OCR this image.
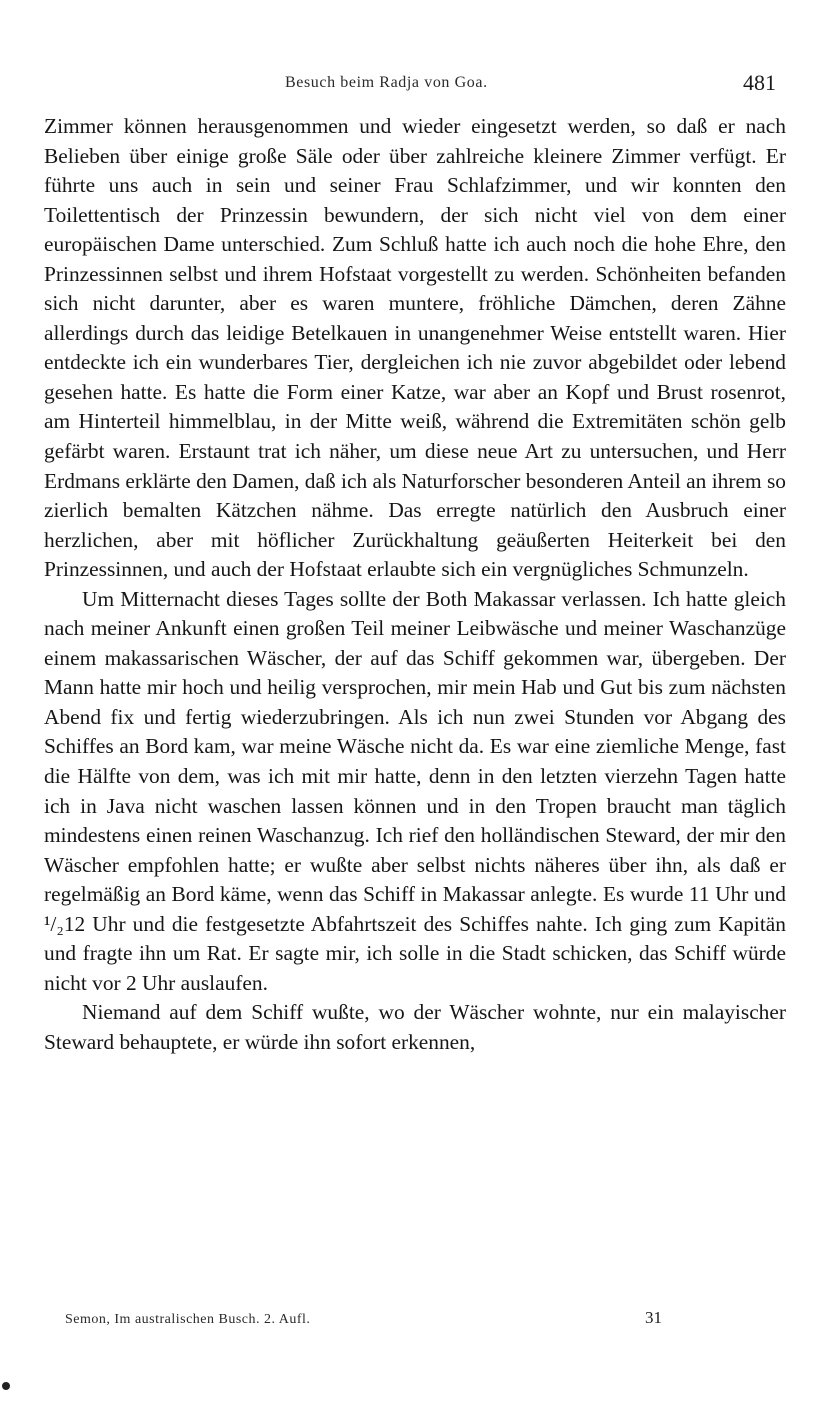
Besuch beim Radja von Goa.	481

Zimmer können herausgenommen und wieder eingesetzt werden, so daß er nach Belieben über einige große Säle oder über zahlreiche kleinere Zimmer verfügt. Er führte uns auch in sein und seiner Frau Schlafzimmer, und wir konnten den Toilettentisch der Prinzessin bewundern, der sich nicht viel von dem einer europäischen Dame unterschied. Zum Schluß hatte ich auch noch die hohe Ehre, den Prinzessinnen selbst und ihrem Hofstaat vorgestellt zu werden. Schönheiten befanden sich nicht darunter, aber es waren muntere, fröhliche Dämchen, deren Zähne allerdings durch das leidige Betelkauen in unangenehmer Weise entstellt waren. Hier entdeckte ich ein wunderbares Tier, dergleichen ich nie zuvor abgebildet oder lebend gesehen hatte. Es hatte die Form einer Katze, war aber an Kopf und Brust rosenrot, am Hinterteil himmelblau, in der Mitte weiß, während die Extremitäten schön gelb gefärbt waren. Erstaunt trat ich näher, um diese neue Art zu untersuchen, und Herr Erdmans erklärte den Damen, daß ich als Naturforscher besonderen Anteil an ihrem so zierlich bemalten Kätzchen nähme. Das erregte natürlich den Ausbruch einer herzlichen, aber mit höflicher Zurückhaltung geäußerten Heiterkeit bei den Prinzessinnen, und auch der Hofstaat erlaubte sich ein vergnügliches Schmunzeln.

Um Mitternacht dieses Tages sollte der Both Makassar verlassen. Ich hatte gleich nach meiner Ankunft einen großen Teil meiner Leibwäsche und meiner Waschanzüge einem makassarischen Wäscher, der auf das Schiff gekommen war, übergeben. Der Mann hatte mir hoch und heilig versprochen, mir mein Hab und Gut bis zum nächsten Abend fix und fertig wiederzubringen. Als ich nun zwei Stunden vor Abgang des Schiffes an Bord kam, war meine Wäsche nicht da. Es war eine ziemliche Menge, fast die Hälfte von dem, was ich mit mir hatte, denn in den letzten vierzehn Tagen hatte ich in Java nicht waschen lassen können und in den Tropen braucht man täglich mindestens einen reinen Waschanzug. Ich rief den holländischen Steward, der mir den Wäscher empfohlen hatte; er wußte aber selbst nichts näheres über ihn, als daß er regelmäßig an Bord käme, wenn das Schiff in Makassar anlegte. Es wurde 11 Uhr und ¹/₂12 Uhr und die festgesetzte Abfahrtszeit des Schiffes nahte. Ich ging zum Kapitän und fragte ihn um Rat. Er sagte mir, ich solle in die Stadt schicken, das Schiff würde nicht vor 2 Uhr auslaufen.

Niemand auf dem Schiff wußte, wo der Wäscher wohnte, nur ein malayischer Steward behauptete, er würde ihn sofort erkennen,

Semon, Im australischen Busch. 2. Aufl.	31
